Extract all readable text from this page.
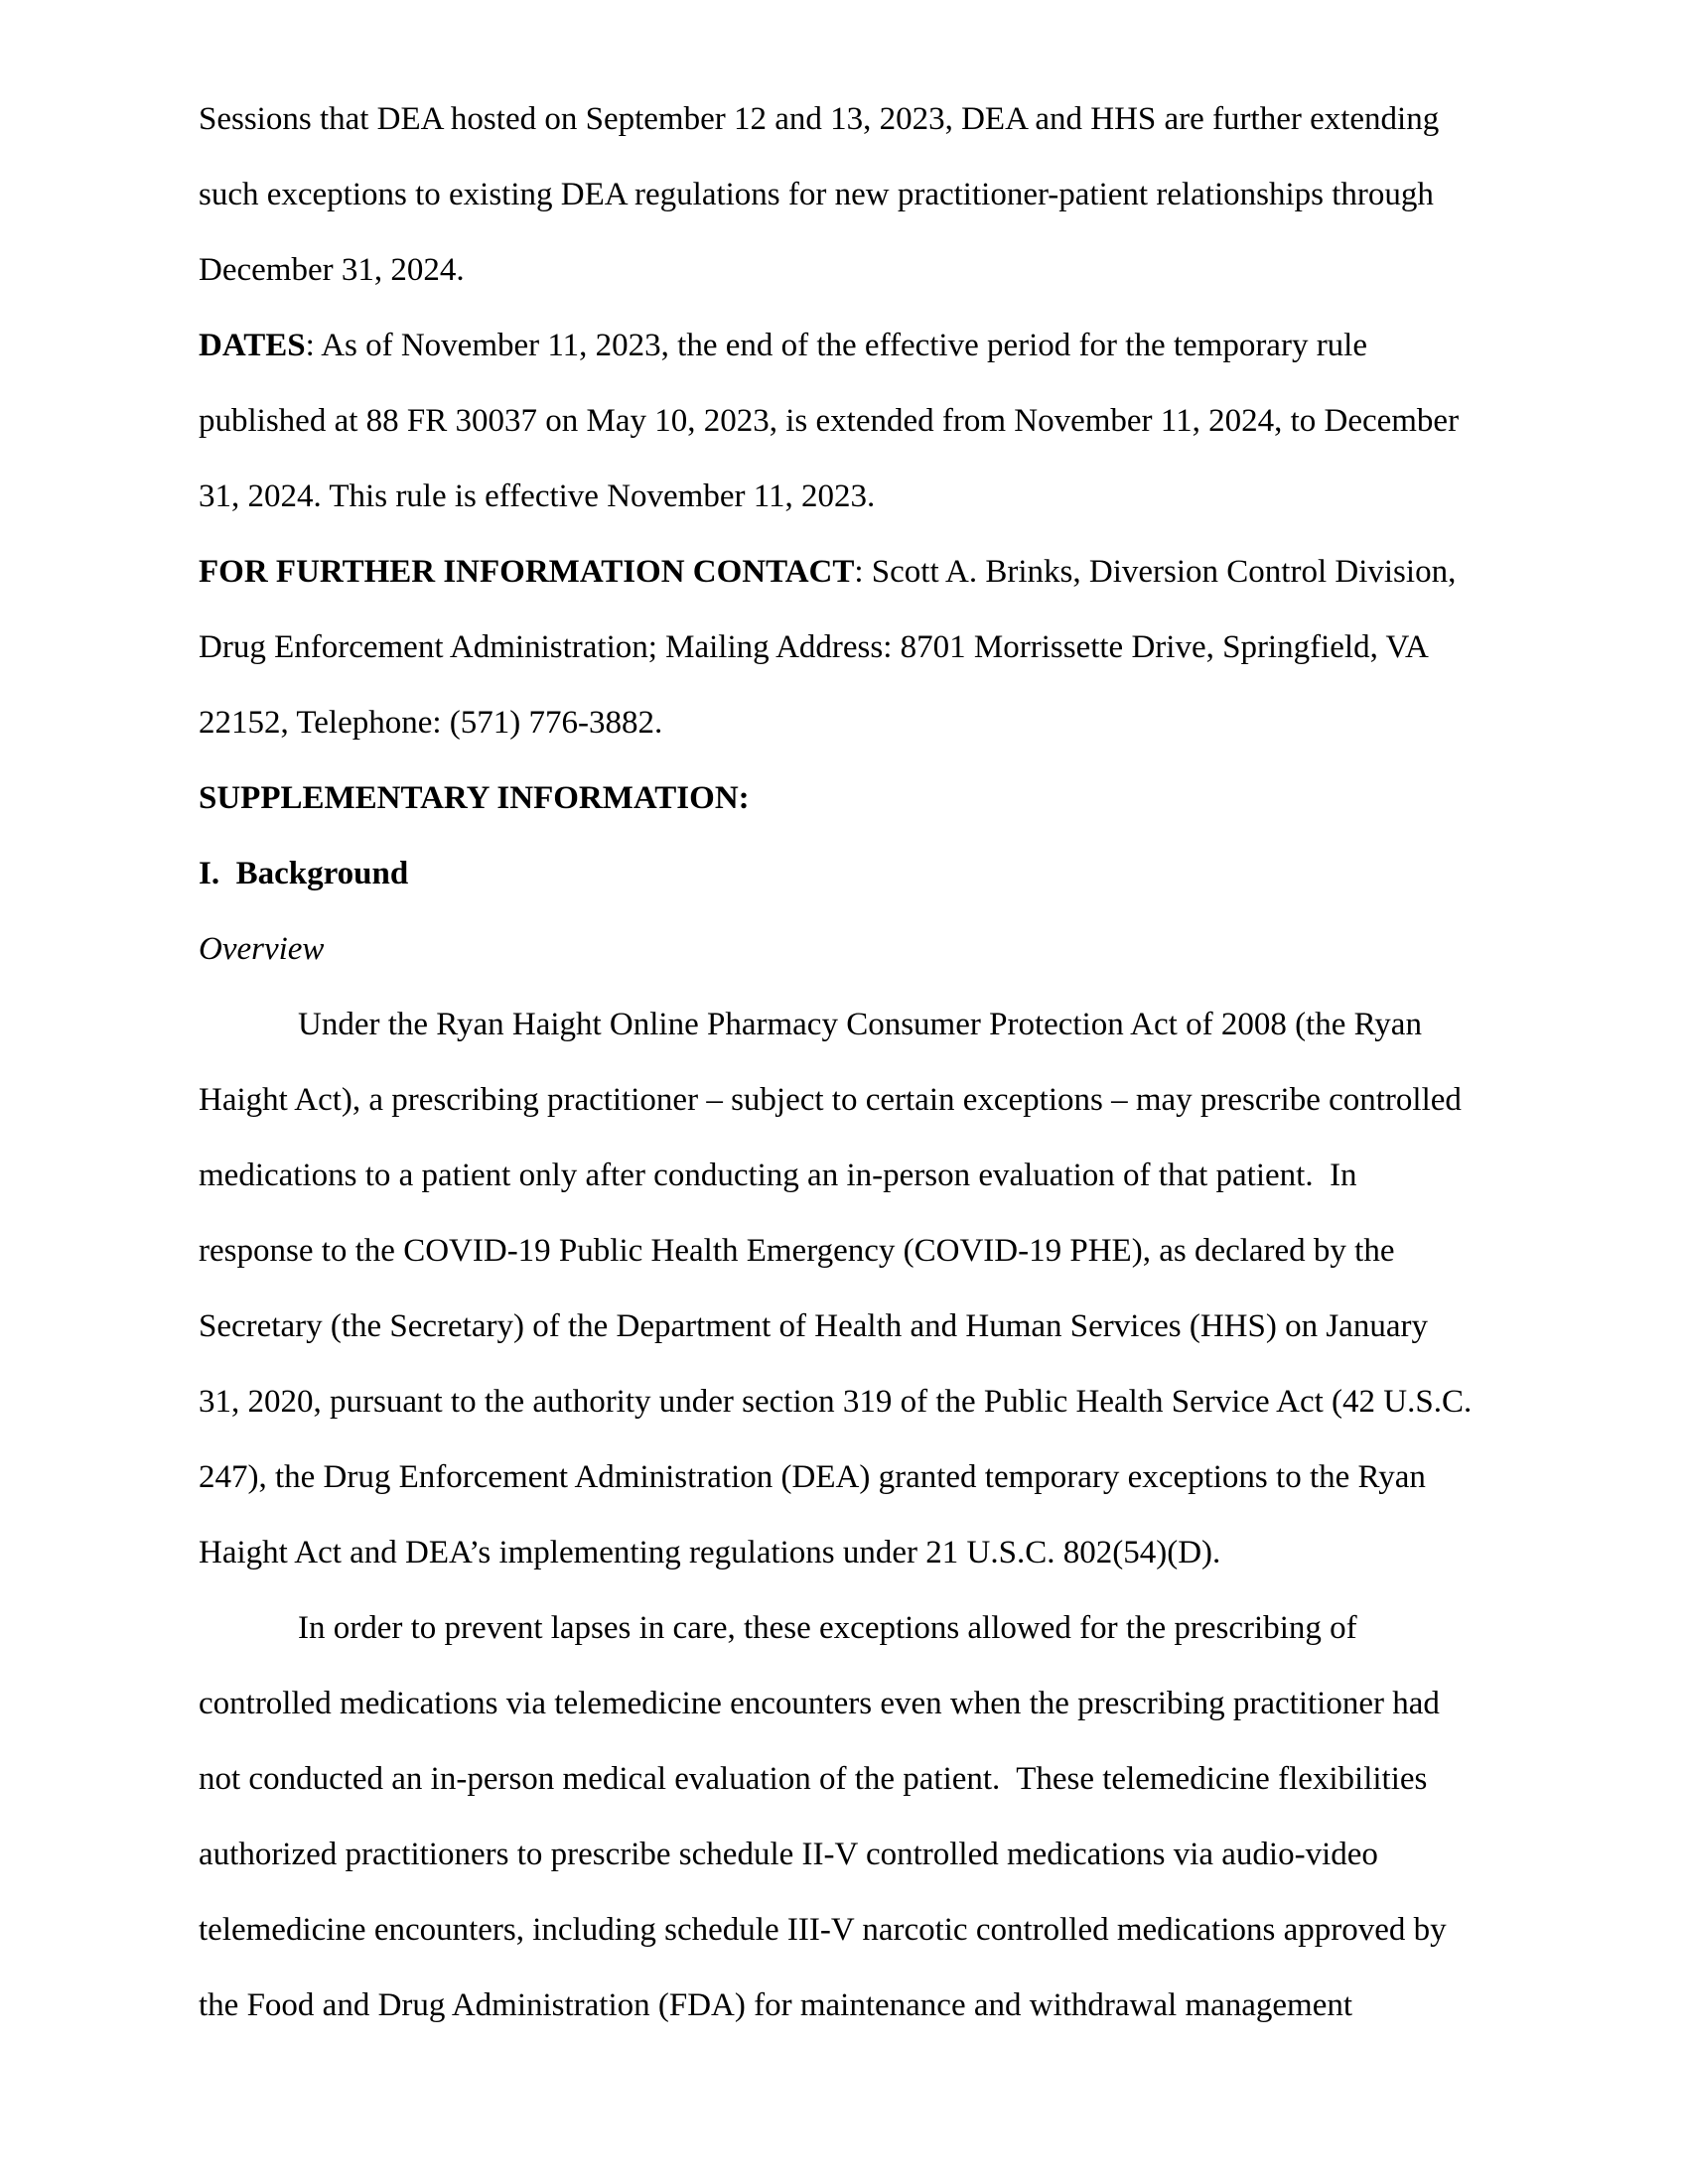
Sessions that DEA hosted on September 12 and 13, 2023, DEA and HHS are further extending
such exceptions to existing DEA regulations for new practitioner-patient relationships through
December 31, 2024.
DATES: As of November 11, 2023, the end of the effective period for the temporary rule
published at 88 FR 30037 on May 10, 2023, is extended from November 11, 2024, to December
31, 2024. This rule is effective November 11, 2023.
FOR FURTHER INFORMATION CONTACT: Scott A. Brinks, Diversion Control Division,
Drug Enforcement Administration; Mailing Address: 8701 Morrissette Drive, Springfield, VA
22152, Telephone: (571) 776-3882.
SUPPLEMENTARY INFORMATION:
I.  Background
Overview
Under the Ryan Haight Online Pharmacy Consumer Protection Act of 2008 (the Ryan
Haight Act), a prescribing practitioner – subject to certain exceptions – may prescribe controlled
medications to a patient only after conducting an in-person evaluation of that patient.  In
response to the COVID-19 Public Health Emergency (COVID-19 PHE), as declared by the
Secretary (the Secretary) of the Department of Health and Human Services (HHS) on January
31, 2020, pursuant to the authority under section 319 of the Public Health Service Act (42 U.S.C.
247), the Drug Enforcement Administration (DEA) granted temporary exceptions to the Ryan
Haight Act and DEA’s implementing regulations under 21 U.S.C. 802(54)(D).
In order to prevent lapses in care, these exceptions allowed for the prescribing of
controlled medications via telemedicine encounters even when the prescribing practitioner had
not conducted an in-person medical evaluation of the patient.  These telemedicine flexibilities
authorized practitioners to prescribe schedule II-V controlled medications via audio-video
telemedicine encounters, including schedule III-V narcotic controlled medications approved by
the Food and Drug Administration (FDA) for maintenance and withdrawal management
